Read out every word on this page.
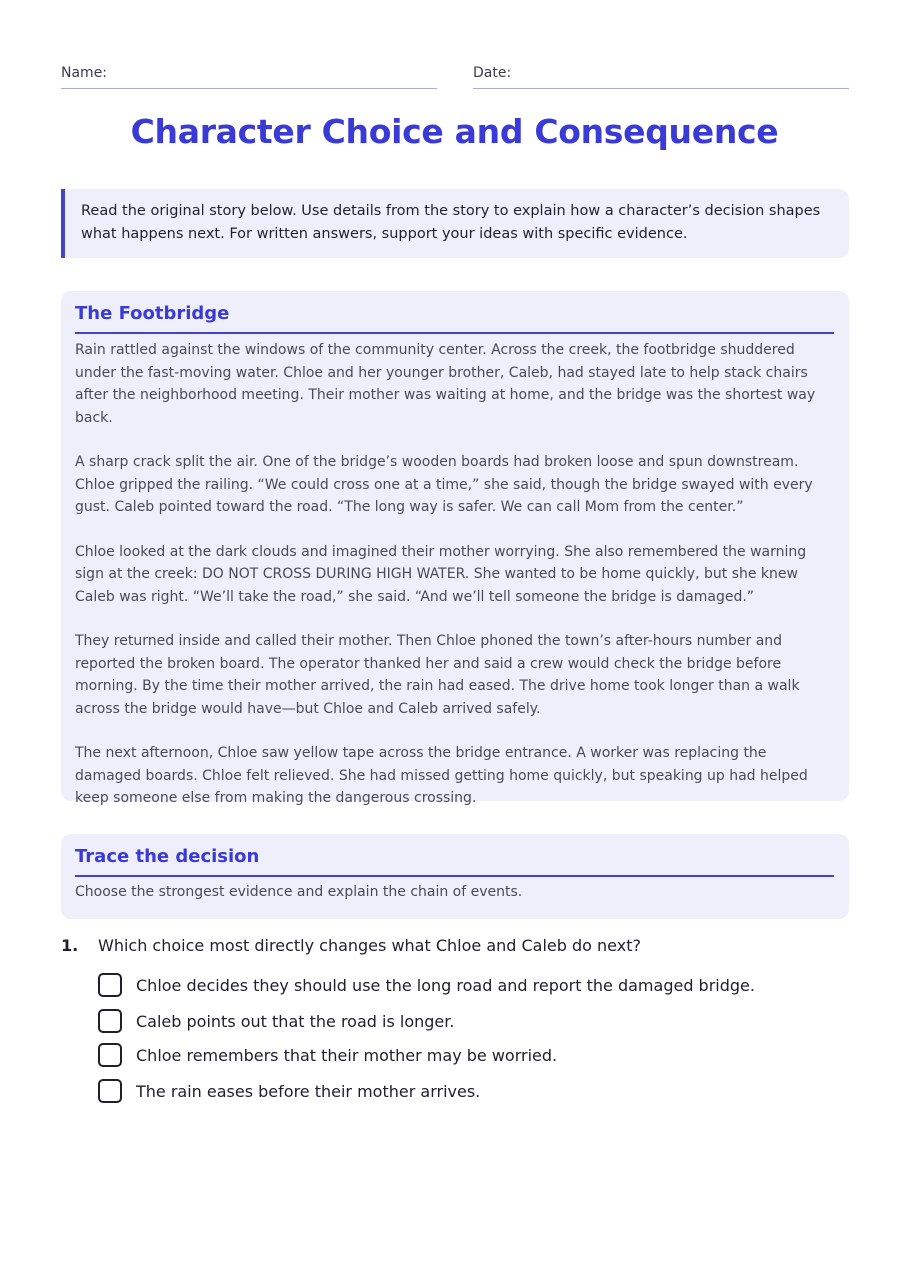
Name:	Date:
Character Choice and Consequence
Read the original story below. Use details from the story to explain how a character’s decision shapes what happens next. For written answers, support your ideas with specific evidence.
The Footbridge

Rain rattled against the windows of the community center. Across the creek, the footbridge shuddered under the fast-moving water. Chloe and her younger brother, Caleb, had stayed late to help stack chairs after the neighborhood meeting. Their mother was waiting at home, and the bridge was the shortest way back.

A sharp crack split the air. One of the bridge’s wooden boards had broken loose and spun downstream. Chloe gripped the railing. “We could cross one at a time,” she said, though the bridge swayed with every gust. Caleb pointed toward the road. “The long way is safer. We can call Mom from the center.”

Chloe looked at the dark clouds and imagined their mother worrying. She also remembered the warning sign at the creek: DO NOT CROSS DURING HIGH WATER. She wanted to be home quickly, but she knew Caleb was right. “We’ll take the road,” she said. “And we’ll tell someone the bridge is damaged.”

They returned inside and called their mother. Then Chloe phoned the town’s after-hours number and reported the broken board. The operator thanked her and said a crew would check the bridge before morning. By the time their mother arrived, the rain had eased. The drive home took longer than a walk across the bridge would have—but Chloe and Caleb arrived safely.

The next afternoon, Chloe saw yellow tape across the bridge entrance. A worker was replacing the damaged boards. Chloe felt relieved. She had missed getting home quickly, but speaking up had helped keep someone else from making the dangerous crossing.

Trace the decision
Choose the strongest evidence and explain the chain of events.
1. Which choice most directly changes what Chloe and Caleb do next?
Chloe decides they should use the long road and report the damaged bridge.
Caleb points out that the road is longer.
Chloe remembers that their mother may be worried.
The rain eases before their mother arrives.
